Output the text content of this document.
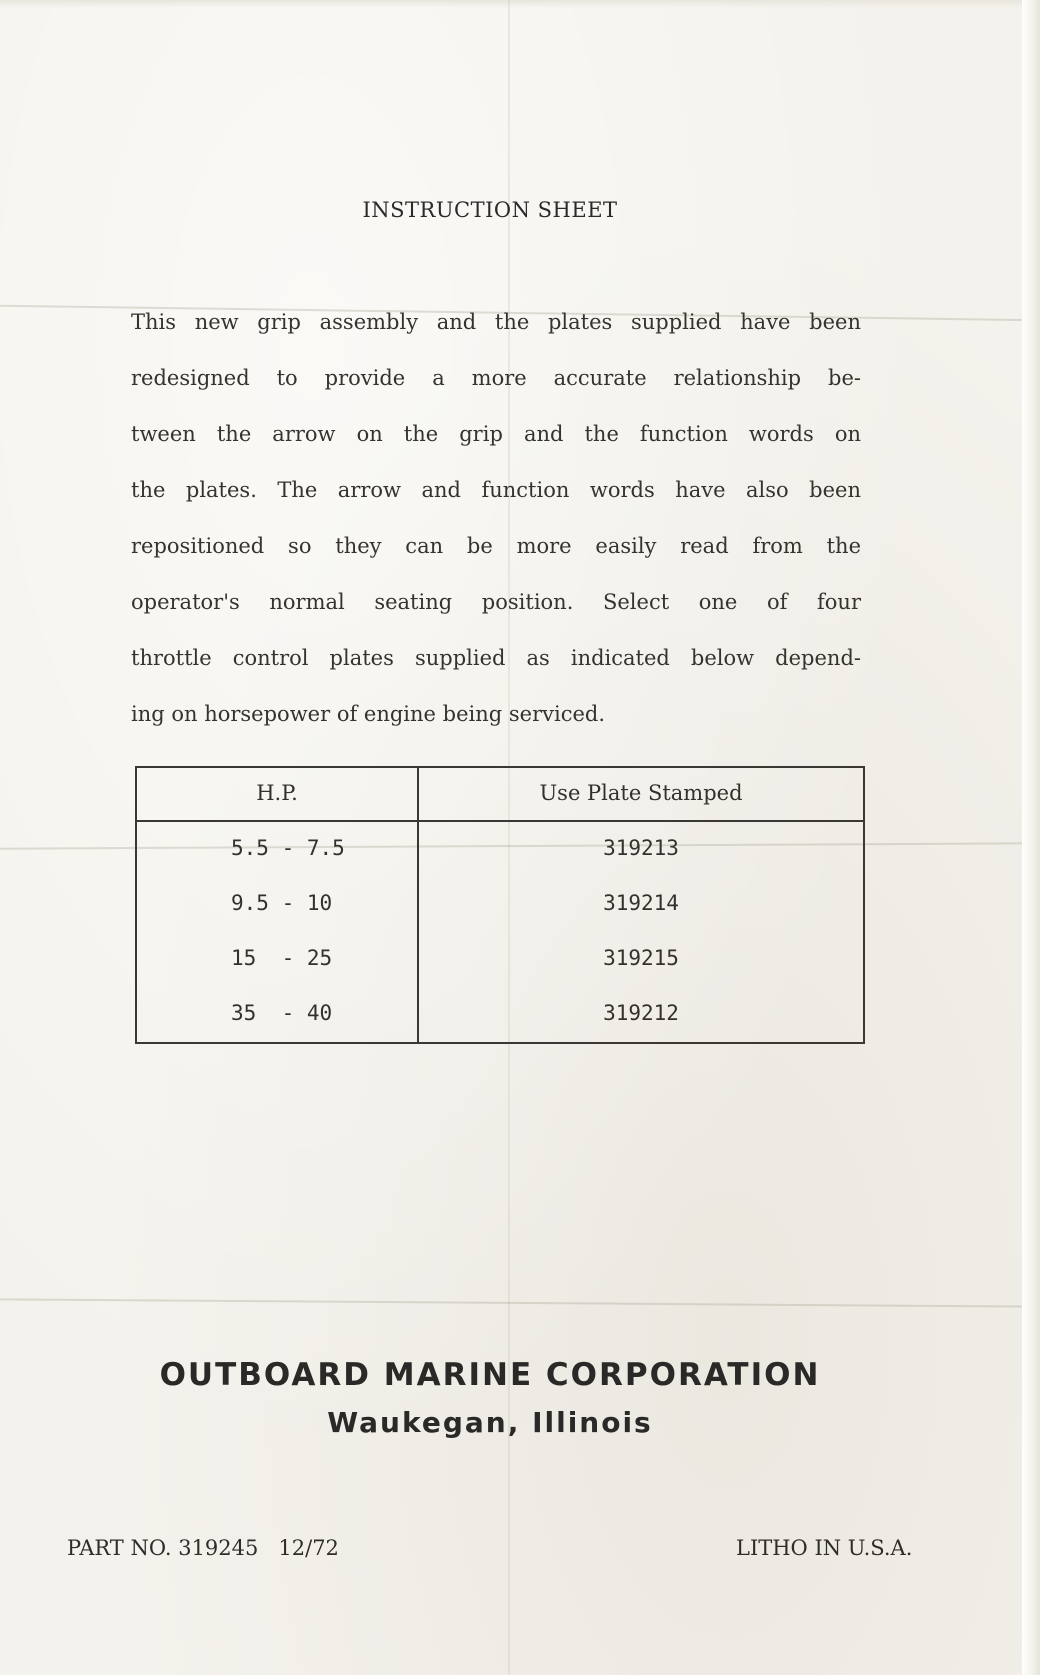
INSTRUCTION SHEET
This new grip assembly and the plates supplied have been
redesigned to provide a more accurate relationship be-
tween the arrow on the grip and the function words on
the plates. The arrow and function words have also been
repositioned so they can be more easily read from the
operator's normal seating position. Select one of four
throttle control plates supplied as indicated below depend-
ing on horsepower of engine being serviced.
H.P.	Use Plate Stamped
5.5 - 7.5	319213
9.5 - 10	319214
15  - 25	319215
35  - 40	319212
OUTBOARD MARINE CORPORATION
Waukegan, Illinois
PART NO. 319245   12/72	LITHO IN U.S.A.
